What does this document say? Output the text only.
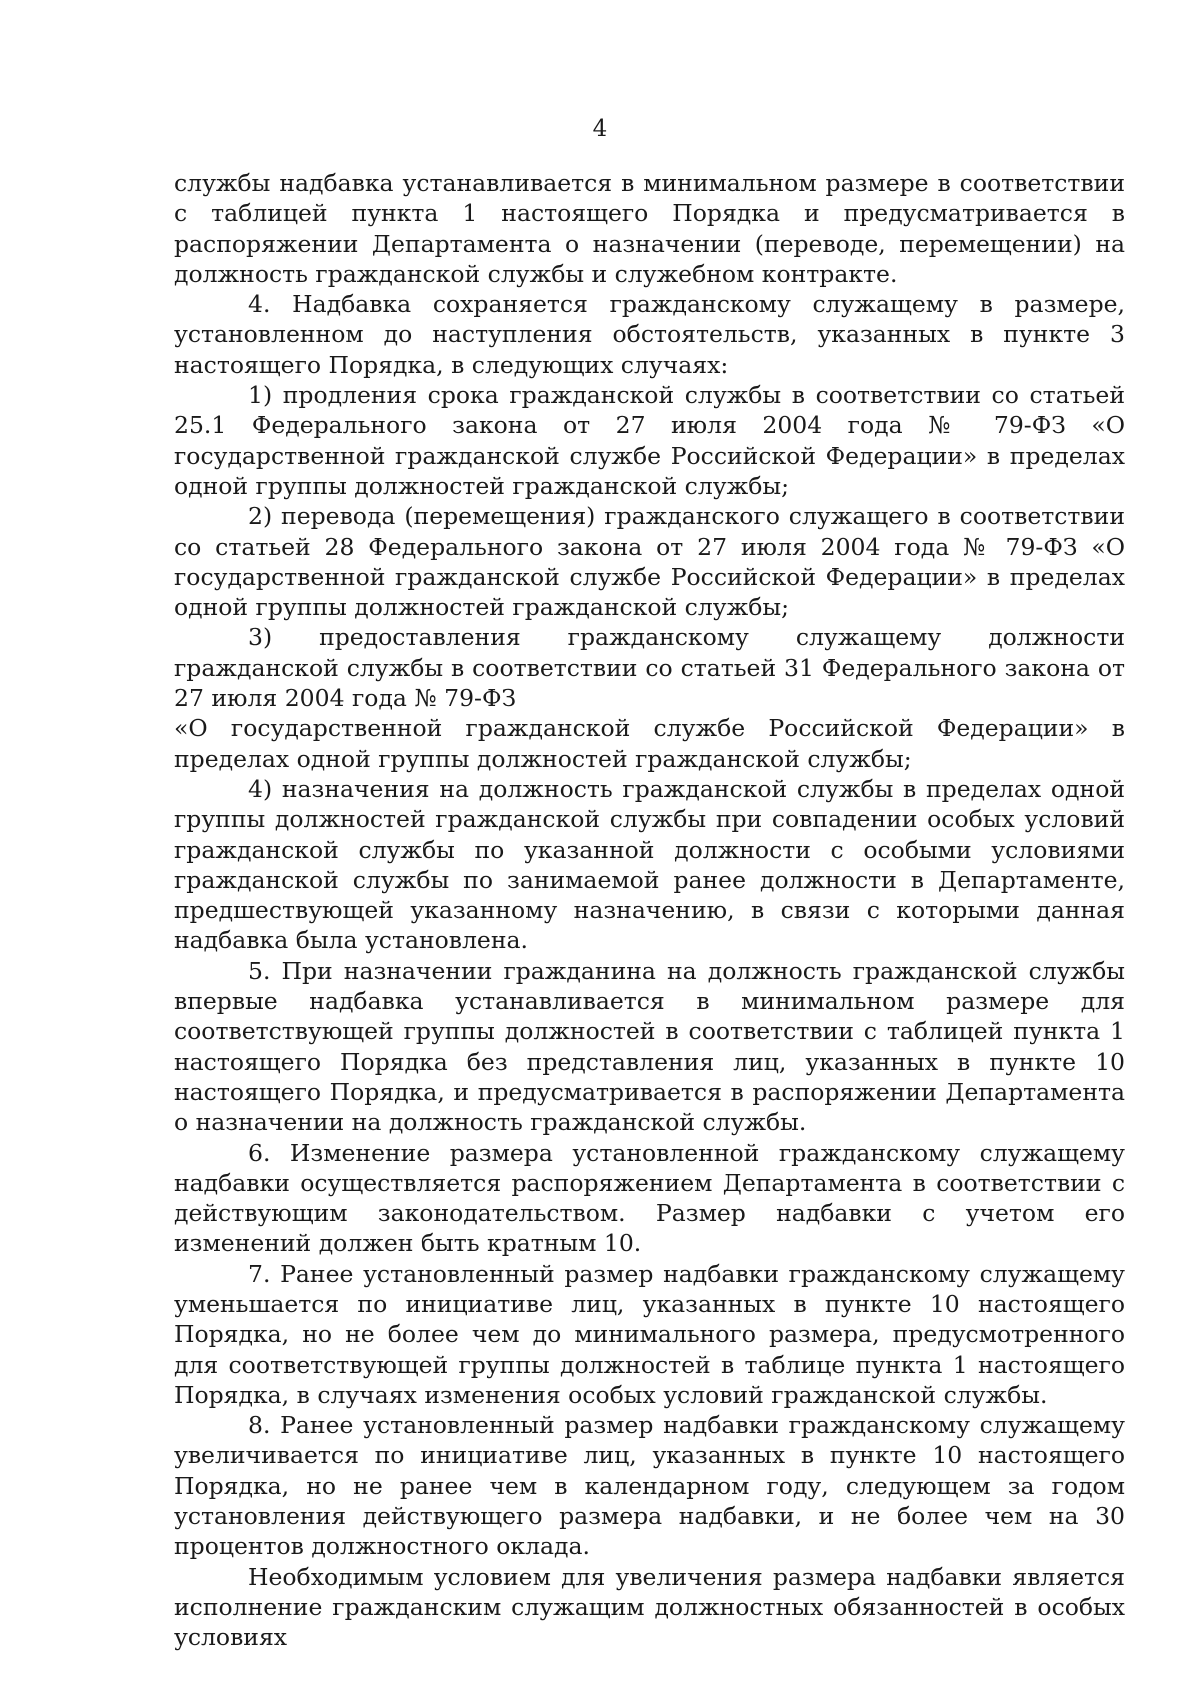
4

службы надбавка устанавливается в минимальном размере в соответствии с таблицей пункта 1 настоящего Порядка и предусматривается в распоряжении Департамента о назначении (переводе, перемещении) на должность гражданской службы и служебном контракте.

4. Надбавка сохраняется гражданскому служащему в размере, установленном до наступления обстоятельств, указанных в пункте 3 настоящего Порядка, в следующих случаях:

1) продления срока гражданской службы в соответствии со статьей 25.1 Федерального закона от 27 июля 2004 года № 79-ФЗ «О государственной гражданской службе Российской Федерации» в пределах одной группы должностей гражданской службы;

2) перевода (перемещения) гражданского служащего в соответствии со статьей 28 Федерального закона от 27 июля 2004 года № 79-ФЗ «О государственной гражданской службе Российской Федерации» в пределах одной группы должностей гражданской службы;

3) предоставления гражданскому служащему должности гражданской службы в соответствии со статьей 31 Федерального закона от 27 июля 2004 года № 79-ФЗ

«О государственной гражданской службе Российской Федерации» в пределах одной группы должностей гражданской службы;

4) назначения на должность гражданской службы в пределах одной группы должностей гражданской службы при совпадении особых условий гражданской службы по указанной должности с особыми условиями гражданской службы по занимаемой ранее должности в Департаменте, предшествующей указанному назначению, в связи с которыми данная надбавка была установлена.

5. При назначении гражданина на должность гражданской службы впервые надбавка устанавливается в минимальном размере для соответствующей группы должностей в соответствии с таблицей пункта 1 настоящего Порядка без представления лиц, указанных в пункте 10 настоящего Порядка, и предусматривается в распоряжении Департамента о назначении на должность гражданской службы.

6. Изменение размера установленной гражданскому служащему надбавки осуществляется распоряжением Департамента в соответствии с действующим законодательством. Размер надбавки с учетом его изменений должен быть кратным 10.

7. Ранее установленный размер надбавки гражданскому служащему уменьшается по инициативе лиц, указанных в пункте 10 настоящего Порядка, но не более чем до минимального размера, предусмотренного для соответствующей группы должностей в таблице пункта 1 настоящего Порядка, в случаях изменения особых условий гражданской службы.

8. Ранее установленный размер надбавки гражданскому служащему увеличивается по инициативе лиц, указанных в пункте 10 настоящего Порядка, но не ранее чем в календарном году, следующем за годом установления действующего размера надбавки, и не более чем на 30 процентов должностного оклада.

Необходимым условием для увеличения размера надбавки является исполнение гражданским служащим должностных обязанностей в особых условиях
